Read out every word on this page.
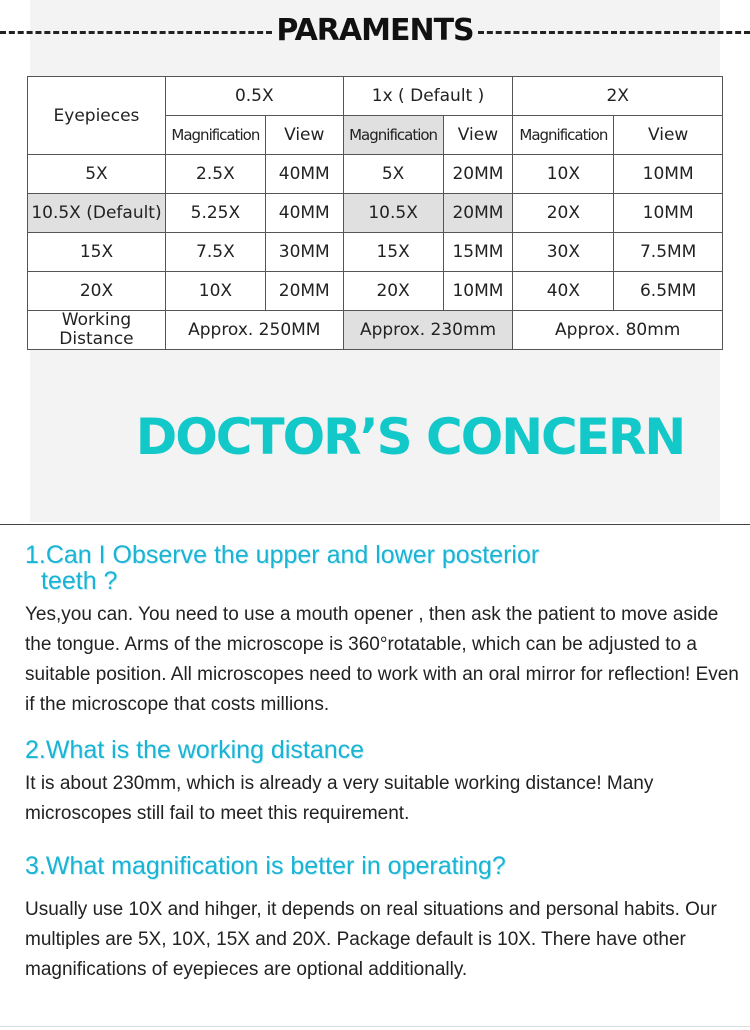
PARAMENTS
Eyepieces	0.5X		1x ( Default )		2X	
	Magnification	View	Magnification	View	Magnification	View
5X	2.5X	40MM	5X	20MM	10X	10MM
10.5X (Default)	5.25X	40MM	10.5X	20MM	20X	10MM
15X	7.5X	30MM	15X	15MM	30X	7.5MM
20X	10X	20MM	20X	10MM	40X	6.5MM
Working
Distance	Approx. 250MM		Approx. 230mm		Approx. 80mm	
DOCTOR’S CONCERN
1.Can I Observe the upper and lower posterior
teeth ?
Yes,you can. You need to use a mouth opener , then ask the patient to move aside the tongue. Arms of the microscope is 360°rotatable, which can be adjusted to a suitable position. All microscopes need to work with an oral mirror for reflection! Even if the microscope that costs millions.
2.What is the working distance
It is about 230mm, which is already a very suitable working distance! Many microscopes still fail to meet this requirement.
3.What magnification is better in operating?
Usually use 10X and hihger, it depends on real situations and personal habits. Our multiples are 5X, 10X, 15X and 20X. Package default is 10X. There have other magnifications of eyepieces are optional additionally.
